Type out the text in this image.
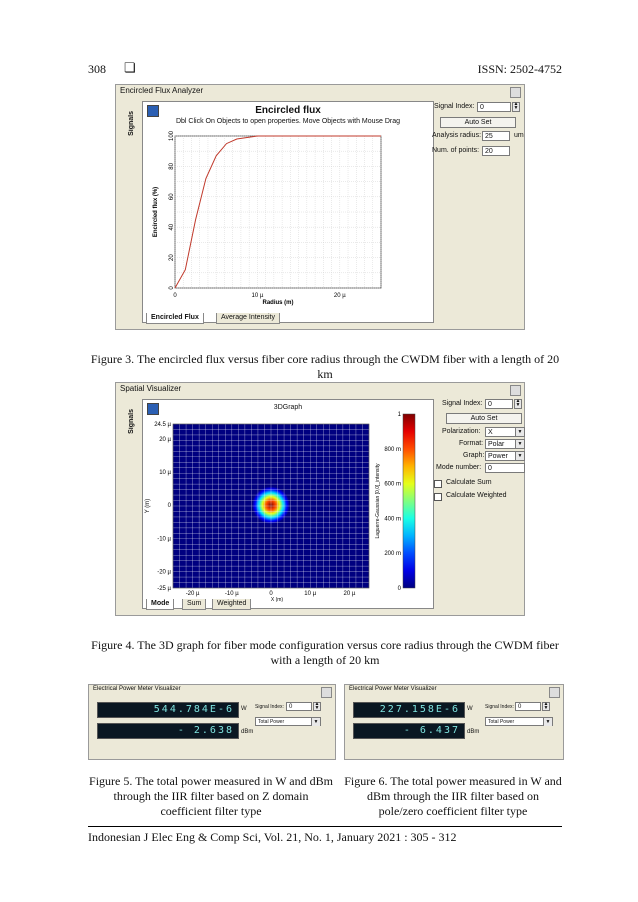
308 ❏	ISSN: 2502-4752
Encircled Flux Analyzer
Signals
Encircled flux
Dbl Click On Objects to open properties. Move Objects with Mouse Drag
0
20
40
60
80
100
0	10 µ	20 µ
Radius (m)
Encircled flux (%)
Encircled Flux	Average Intensity
Signal Index: 0	▲
▼
Auto Set
Analysis radius: 25	um
Num. of points: 20
Figure 3. The encircled flux versus fiber core radius through the CWDM fiber with a length of 20 km
Spatial Visualizer
Signals
3DGraph
24.5 µ
20 µ
10 µ
0
-10 µ
-20 µ
-25 µ
-20 µ	-10 µ	0	10 µ	20 µ
X (m)
Y (m)
1
800 m
600 m
400 m
200 m
0
Laguerre-Gaussian [0,0]_intensity
Mode	Sum	Weighted
Signal Index: 0	▲
▼
Auto Set
Polarization:	X	▼
Format: Polar	▼
Graph: Power	▼
Mode number: 0
Calculate Sum
Calculate Weighted
Figure 4. The 3D graph for fiber mode configuration versus core radius through the CWDM fiber with a length of 20 km
Electrical Power Meter Visualizer
544.784E-6	W
- 2.638	dBm
Signal Index: 0	▲
▼
Total Power	▼
Figure 5. The total power measured in W and dBm through the IIR filter based on Z domain coefficient filter type
Electrical Power Meter Visualizer
227.158E-6	W
- 6.437	dBm
Signal Index: 0	▲
▼
Total Power	▼
Figure 6. The total power measured in W and dBm through the IIR filter based on pole/zero coefficient filter type
Indonesian J Elec Eng & Comp Sci, Vol. 21, No. 1, January 2021 : 305 - 312
